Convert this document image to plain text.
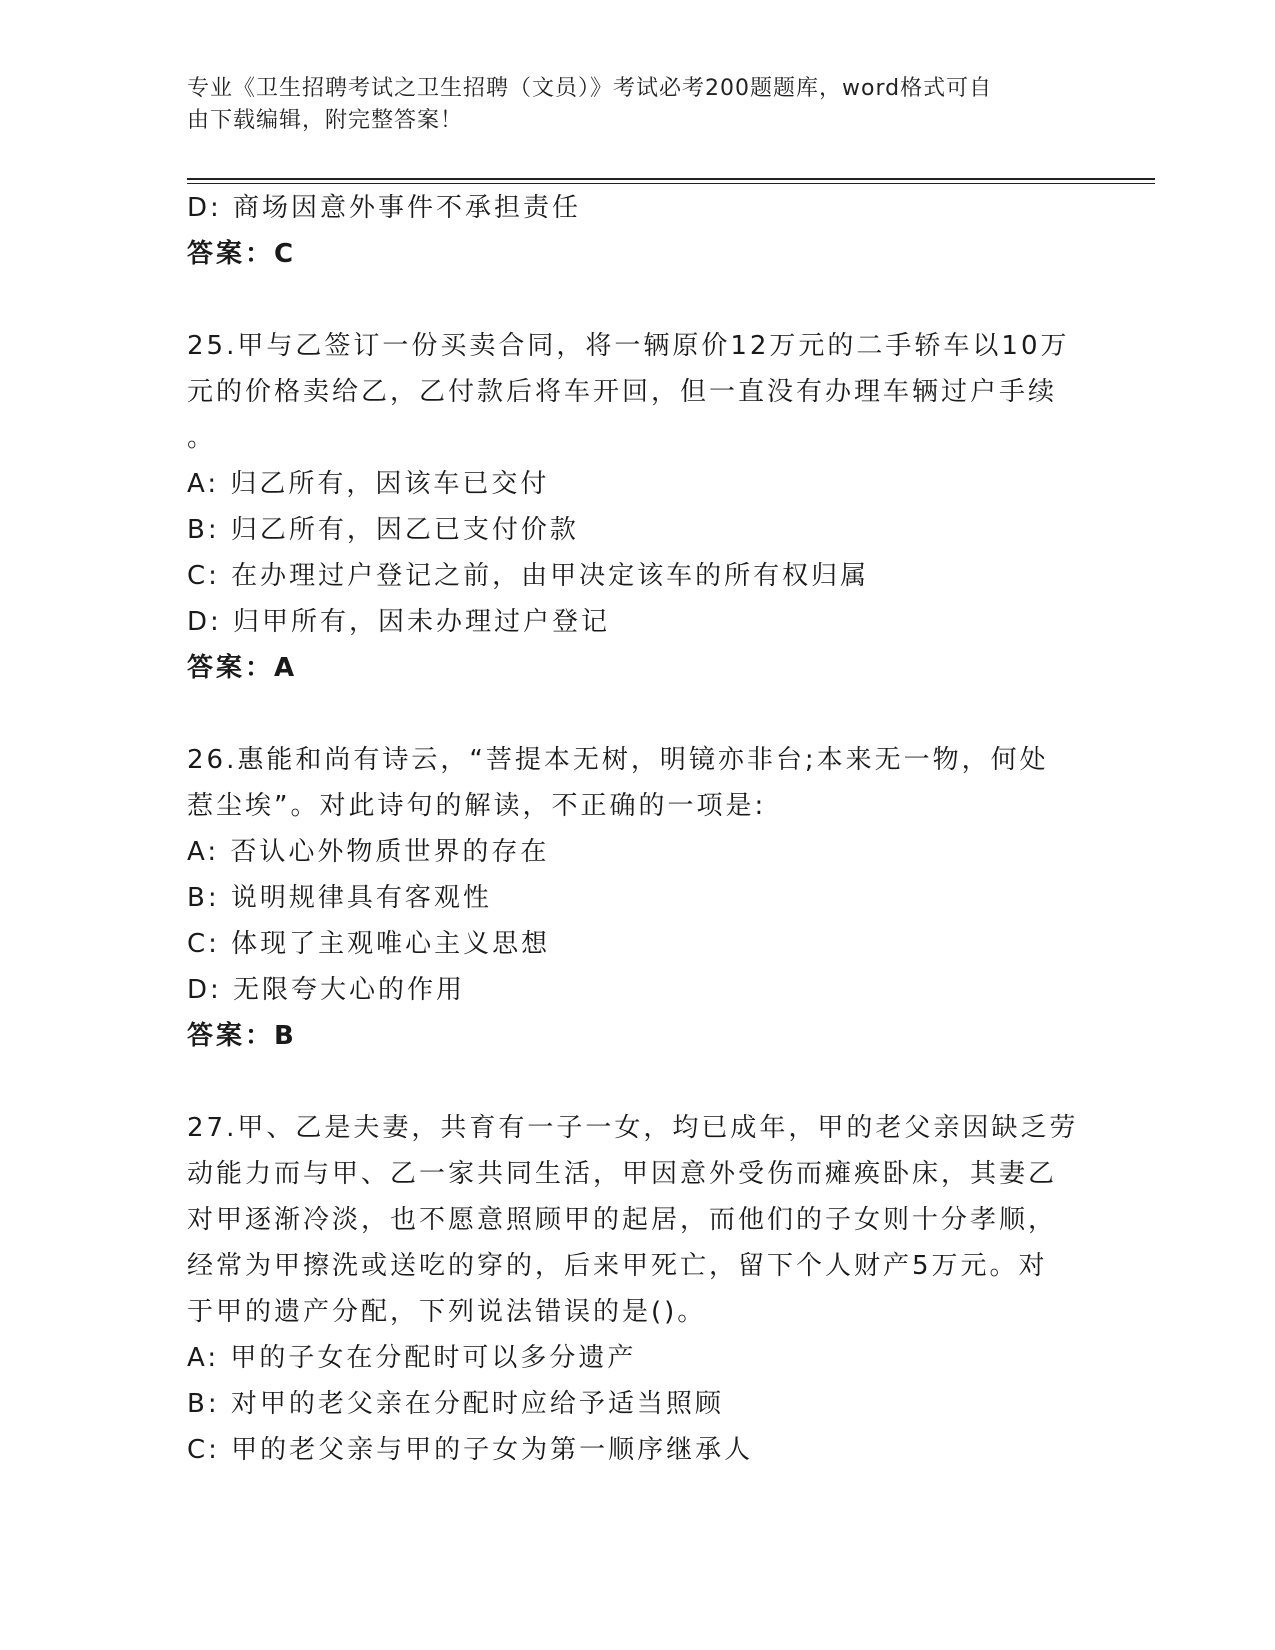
专业《卫生招聘考试之卫生招聘（文员）》考试必考200题题库，word格式可自
由下载编辑，附完整答案！
D: 商场因意外事件不承担责任
答案：C
25.甲与乙签订一份买卖合同，将一辆原价12万元的二手轿车以10万
元的价格卖给乙，乙付款后将车开回，但一直没有办理车辆过户手续
。
A: 归乙所有，因该车已交付
B: 归乙所有，因乙已支付价款
C: 在办理过户登记之前，由甲决定该车的所有权归属
D: 归甲所有，因未办理过户登记
答案：A
26.惠能和尚有诗云，“菩提本无树，明镜亦非台;本来无一物，何处
惹尘埃”。对此诗句的解读，不正确的一项是:
A: 否认心外物质世界的存在
B: 说明规律具有客观性
C: 体现了主观唯心主义思想
D: 无限夸大心的作用
答案：B
27.甲、乙是夫妻，共育有一子一女，均已成年，甲的老父亲因缺乏劳
动能力而与甲、乙一家共同生活，甲因意外受伤而瘫痪卧床，其妻乙
对甲逐渐冷淡，也不愿意照顾甲的起居，而他们的子女则十分孝顺，
经常为甲擦洗或送吃的穿的，后来甲死亡，留下个人财产5万元。对
于甲的遗产分配，下列说法错误的是()。
A: 甲的子女在分配时可以多分遗产
B: 对甲的老父亲在分配时应给予适当照顾
C: 甲的老父亲与甲的子女为第一顺序继承人
